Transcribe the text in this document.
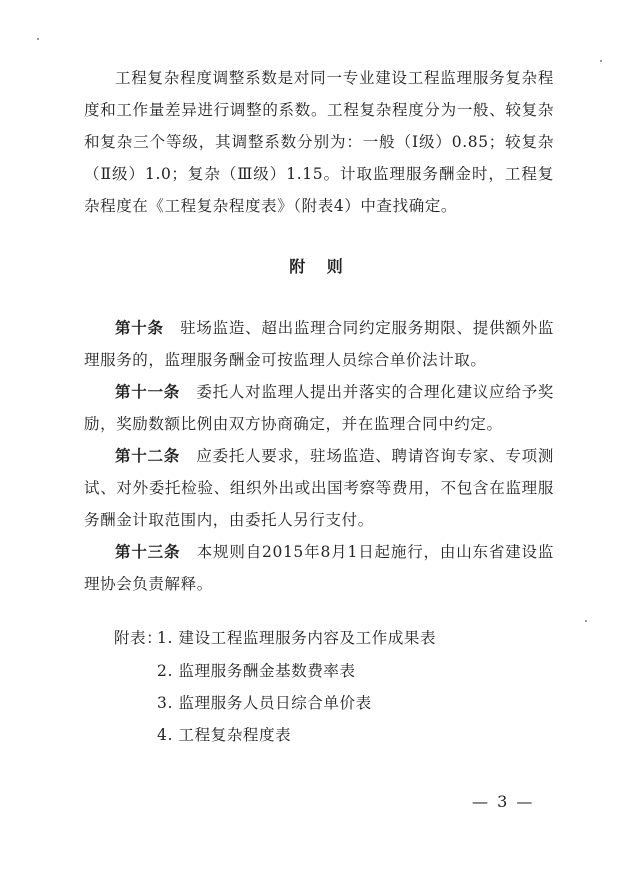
工程复杂程度调整系数是对同一专业建设工程监理服务复杂程度和工作量差异进行调整的系数。工程复杂程度分为一般、较复杂和复杂三个等级，其调整系数分别为：一般（Ⅰ级）0.85；较复杂（Ⅱ级）1.0；复杂（Ⅲ级）1.15。计取监理服务酬金时，工程复杂程度在《工程复杂程度表》（附表4）中查找确定。

附 则

第十条　 驻场监造、超出监理合同约定服务期限、提供额外监理服务的，监理服务酬金可按监理人员综合单价法计取。

第十一条　 委托人对监理人提出并落实的合理化建议应给予奖励，奖励数额比例由双方协商确定，并在监理合同中约定。

第十二条　 应委托人要求，驻场监造、聘请咨询专家、专项测试、对外委托检验、组织外出或出国考察等费用，不包含在监理服务酬金计取范围内，由委托人另行支付。

第十三条　 本规则自2015年8月1日起施行，由山东省建设监理协会负责解释。

附表：
1. 建设工程监理服务内容及工作成果表
2. 监理服务酬金基数费率表
3. 监理服务人员日综合单价表
4. 工程复杂程度表
— 3 —
